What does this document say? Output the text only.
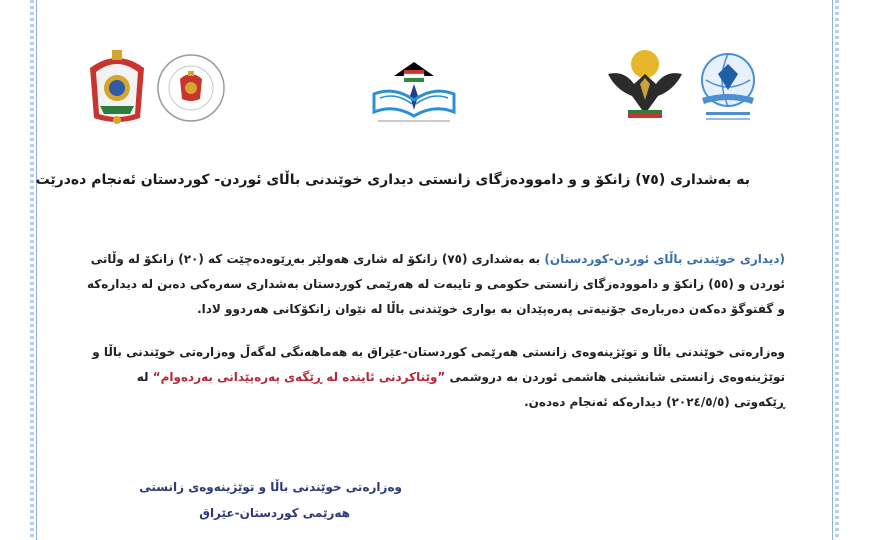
بە بەشداری (٧٥) زانکۆ و و داموودەزگای زانستی دیداری خوێندنی باڵای ئوردن- کوردستان ئەنجام دەدرێت
(دیداری خوێندنی باڵای ئوردن-کوردستان) بە بەشداری (٧٥) زانکۆ لە شاری هەولێر بەڕێوەدەچێت کە (٢٠) زانکۆ لە وڵاتی ئوردن و (٥٥) زانکۆ و داموودەزگای زانستی حکومی و تایبەت لە هەرێمی کوردستان بەشداری سەرەکی دەبن لە دیدارەکە و گفتوگۆ دەکەن دەربارەی جۆنیەتی پەرەپێدان بە بواری خوێندنی باڵا لە نێوان زانکۆکانی هەردوو لادا.
وەزارەتی خوێندنی باڵا و توێژینەوەی زانستی هەرێمی کوردستان-عێراق بە هەماهەنگی لەگەڵ وەزارەتی خوێندنی باڵا و توێژینەوەی زانستی شانشینی هاشمی ئوردن بە دروشمی ”وێناکردنی ئاینده لە ڕێگەی پەرەپێدانی بەردەوام“ لە ڕێکەوتی (٢٠٢٤/٥/٥) دیدارەکە ئەنجام دەدەن.
وەزارەتی خوێندنی باڵا و توێژینەوەی زانستی
هەرێمی کوردستان-عێراق
